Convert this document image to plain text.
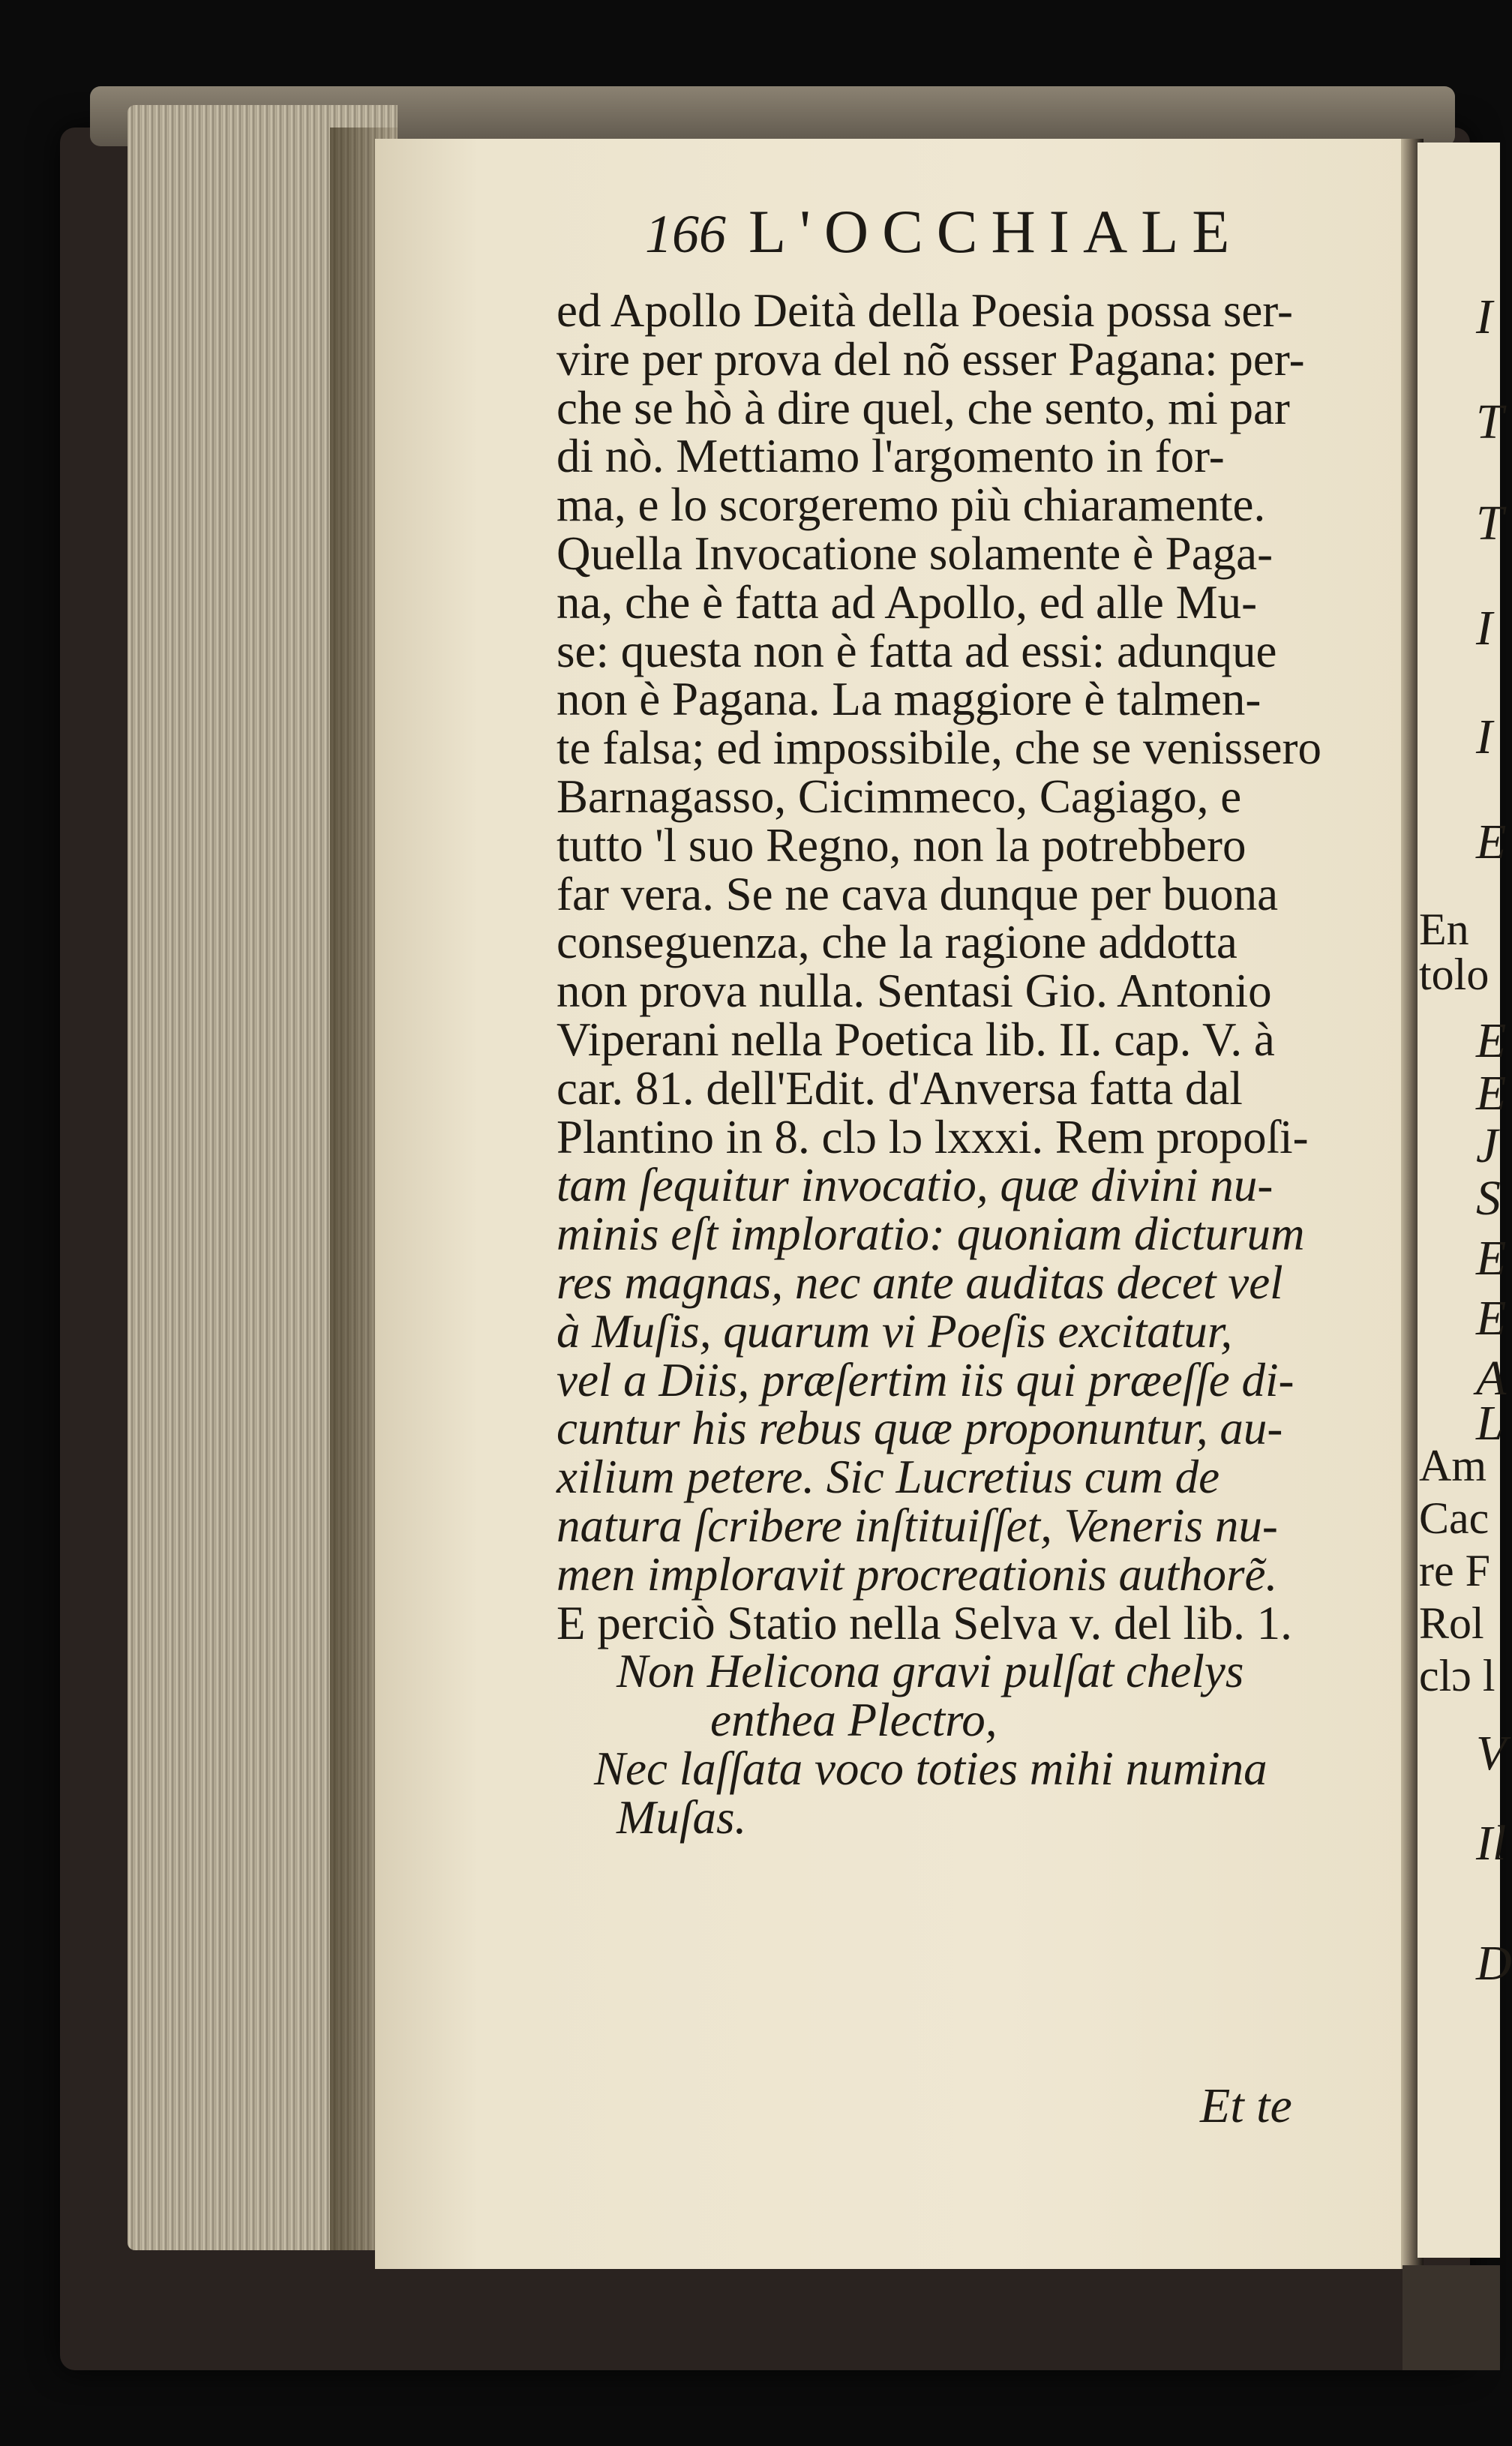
166 L'OCCHIALE
ed Apollo Deità della Poesia possa ser-
vire per prova del nõ esser Pagana: per-
che se hò à dire quel, che sento, mi par
di nò. Mettiamo l'argomento in for-
ma, e lo scorgeremo più chiaramente.
Quella Invocatione solamente è Paga-
na, che è fatta ad Apollo, ed alle Mu-
se: questa non è fatta ad essi: adunque
non è Pagana. La maggiore è talmen-
te falsa; ed impossibile, che se venissero
Barnagasso, Cicimmeco, Cagiago, e
tutto 'l suo Regno, non la potrebbero
far vera. Se ne cava dunque per buona
conseguenza, che la ragione addotta
non prova nulla. Sentasi Gio. Antonio
Viperani nella Poetica lib. II. cap. V. à
car. 81. dell'Edit. d'Anversa fatta dal
Plantino in 8. clɔ lɔ lxxxi. Rem propoſi-
tam ſequitur invocatio, quæ divini nu-
minis eſt imploratio: quoniam dicturum
res magnas, nec ante auditas decet vel
à Muſis, quarum vi Poeſis excitatur,
vel a Diis, præſertim iis qui præeſſe di-
cuntur his rebus quæ proponuntur, au-
xilium petere. Sic Lucretius cum de
natura ſcribere inſtituiſſet, Veneris nu-
men imploravit procreationis authorẽ.
E perciò Statio nella Selva v. del lib. 1.
Non Helicona gravi pulſat chelys
enthea Plectro,
Nec laſſata voco toties mihi numina
Muſas.
Et te
I
T
T
I
I
E
En
tolo
E
E
J
S
E
E
A
L
Am
Cac
re F
Rol
clɔ l
V
Il
D
